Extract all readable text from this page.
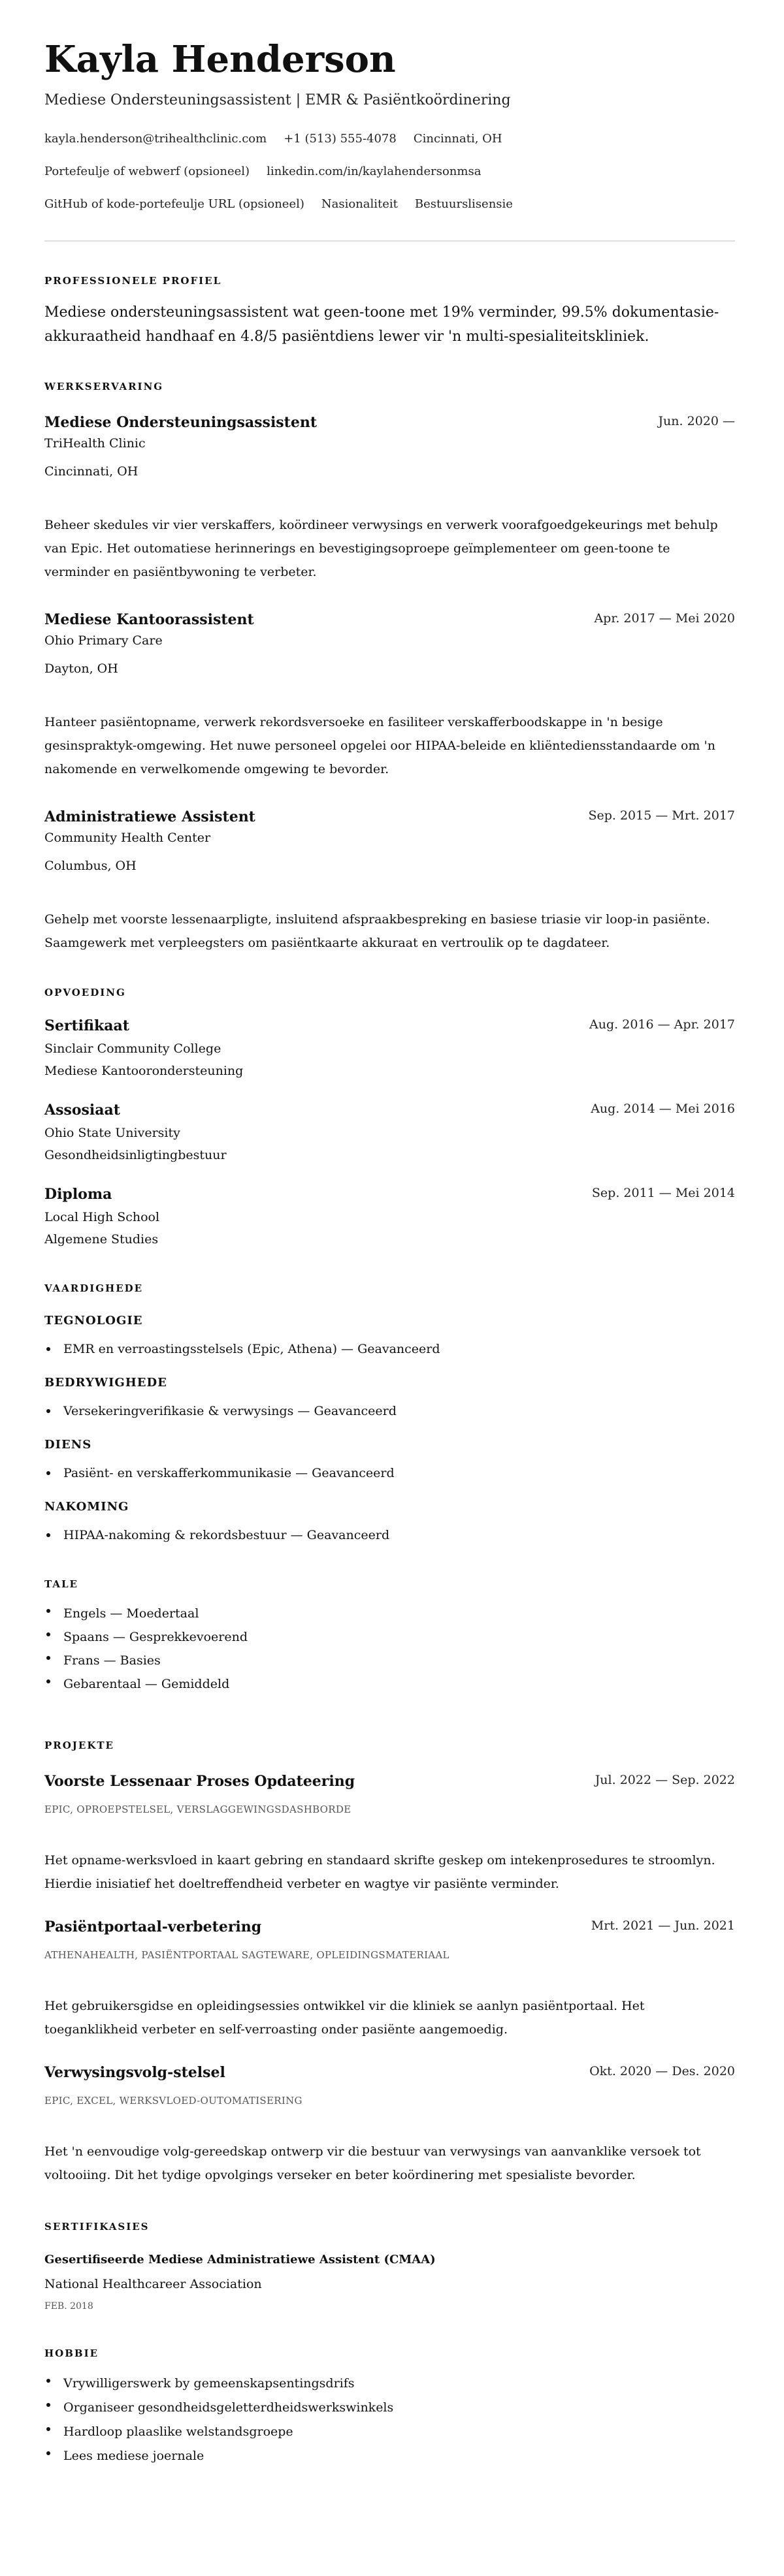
Kayla Henderson
Mediese Ondersteuningsassistent | EMR & Pasiëntkoördinering
kayla.henderson@trihealthclinic.com +1 (513) 555-4078 Cincinnati, OH
Portefeulje of webwerf (opsioneel) linkedin.com/in/kaylahendersonmsa
GitHub of kode-portefeulje URL (opsioneel) Nasionaliteit Bestuurslisensie
PROFESSIONELE PROFIEL

Mediese ondersteuningsassistent wat geen-toone met 19% verminder, 99.5% dokumentasie-akkuraatheid handhaaf en 4.8/5 pasiëntdiens lewer vir 'n multi-spesialiteitskliniek.

WERKSERVARING
Mediese Ondersteuningsassistent	Jun. 2020 —
TriHealth Clinic
Cincinnati, OH

Beheer skedules vir vier verskaffers, koördineer verwysings en verwerk voorafgoedgekeurings met behulp van Epic. Het outomatiese herinnerings en bevestigingsoproepe geïmplementeer om geen-toone te verminder en pasiëntbywoning te verbeter.

Mediese Kantoorassistent	Apr. 2017 — Mei 2020
Ohio Primary Care
Dayton, OH

Hanteer pasiëntopname, verwerk rekordsversoeke en fasiliteer verskafferboodskappe in 'n besige gesinspraktyk-omgewing. Het nuwe personeel opgelei oor HIPAA-beleide en kliëntediensstandaarde om 'n nakomende en verwelkomende omgewing te bevorder.

Administratiewe Assistent	Sep. 2015 — Mrt. 2017
Community Health Center
Columbus, OH

Gehelp met voorste lessenaarpligte, insluitend afspraakbespreking en basiese triasie vir loop-in pasiënte. Saamgewerk met verpleegsters om pasiëntkaarte akkuraat en vertroulik op te dagdateer.

OPVOEDING
Sertifikaat	Aug. 2016 — Apr. 2017
Sinclair Community College
Mediese Kantoorondersteuning
Assosiaat	Aug. 2014 — Mei 2016
Ohio State University
Gesondheidsinligtingbestuur
Diploma	Sep. 2011 — Mei 2014
Local High School
Algemene Studies
VAARDIGHEDE
TEGNOLOGIE
EMR en verroastingsstelsels (Epic, Athena) — Geavanceerd
BEDRYWIGHEDE
Versekeringverifikasie & verwysings — Geavanceerd
DIENS
Pasiënt- en verskafferkommunikasie — Geavanceerd
NAKOMING
HIPAA-nakoming & rekordsbestuur — Geavanceerd
TALE
Engels — Moedertaal
Spaans — Gesprekkevoerend
Frans — Basies
Gebarentaal — Gemiddeld
PROJEKTE
Voorste Lessenaar Proses Opdateering	Jul. 2022 — Sep. 2022
EPIC, OPROEPSTELSEL, VERSLAGGEWINGSDASHBORDE

Het opname-werksvloed in kaart gebring en standaard skrifte geskep om intekenprosedures te stroomlyn. Hierdie inisiatief het doeltreffendheid verbeter en wagtye vir pasiënte verminder.

Pasiëntportaal-verbetering	Mrt. 2021 — Jun. 2021
ATHENAHEALTH, PASIËNTPORTAAL SAGTEWARE, OPLEIDINGSMATERIAAL

Het gebruikersgidse en opleidingsessies ontwikkel vir die kliniek se aanlyn pasiëntportaal. Het toeganklikheid verbeter en self-verroasting onder pasiënte aangemoedig.

Verwysingsvolg-stelsel	Okt. 2020 — Des. 2020
EPIC, EXCEL, WERKSVLOED-OUTOMATISERING

Het 'n eenvoudige volg-gereedskap ontwerp vir die bestuur van verwysings van aanvanklike versoek tot voltooiing. Dit het tydige opvolgings verseker en beter koördinering met spesialiste bevorder.

SERTIFIKASIES
Gesertifiseerde Mediese Administratiewe Assistent (CMAA)
National Healthcareer Association
FEB. 2018
HOBBIE
Vrywilligerswerk by gemeenskapsentingsdrifs
Organiseer gesondheidsgeletterdheidswerkswinkels
Hardloop plaaslike welstandsgroepe
Lees mediese joernale
